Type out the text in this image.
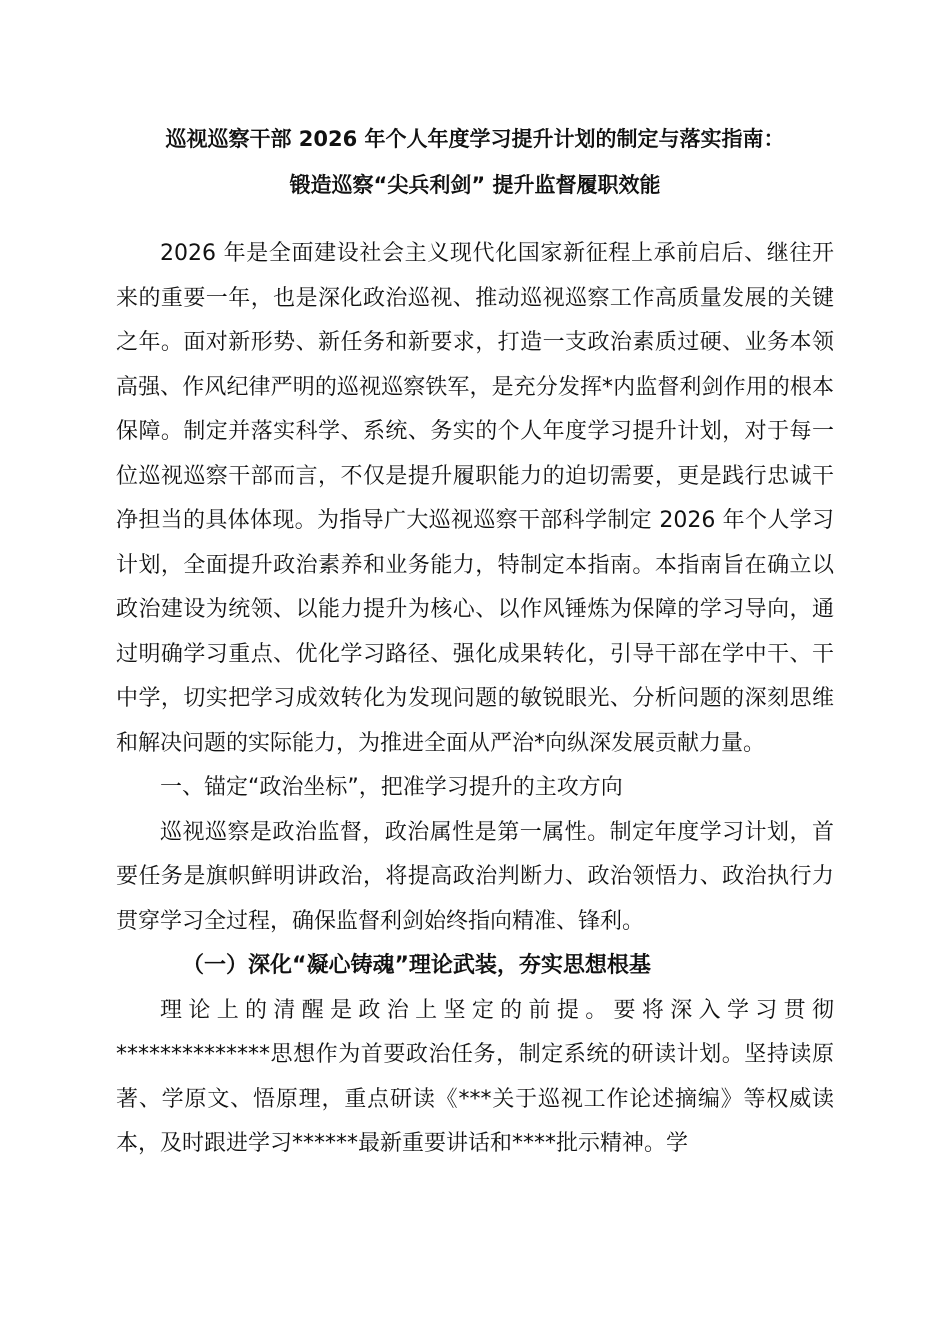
巡视巡察干部 2026 年个人年度学习提升计划的制定与落实指南：
锻造巡察“尖兵利剑” 提升监督履职效能

2026 年是全面建设社会主义现代化国家新征程上承前启后、继往开来的重要一年，也是深化政治巡视、推动巡视巡察工作高质量发展的关键之年。面对新形势、新任务和新要求，打造一支政治素质过硬、业务本领高强、作风纪律严明的巡视巡察铁军，是充分发挥*内监督利剑作用的根本保障。制定并落实科学、系统、务实的个人年度学习提升计划，对于每一位巡视巡察干部而言，不仅是提升履职能力的迫切需要，更是践行忠诚干净担当的具体体现。为指导广大巡视巡察干部科学制定 2026 年个人学习计划，全面提升政治素养和业务能力，特制定本指南。本指南旨在确立以政治建设为统领、以能力提升为核心、以作风锤炼为保障的学习导向，通过明确学习重点、优化学习路径、强化成果转化，引导干部在学中干、干中学，切实把学习成效转化为发现问题的敏锐眼光、分析问题的深刻思维和解决问题的实际能力，为推进全面从严治*向纵深发展贡献力量。

一、锚定“政治坐标”，把准学习提升的主攻方向

巡视巡察是政治监督，政治属性是第一属性。制定年度学习计划，首要任务是旗帜鲜明讲政治，将提高政治判断力、政治领悟力、政治执行力贯穿学习全过程，确保监督利剑始终指向精准、锋利。

（一）深化“凝心铸魂”理论武装，夯实思想根基

理论上的清醒是政治上坚定的前提。要将深入学习贯彻**************思想作为首要政治任务，制定系统的研读计划。坚持读原著、学原文、悟原理，重点研读《***关于巡视工作论述摘编》等权威读本，及时跟进学习******最新重要讲话和****批示精神。学
